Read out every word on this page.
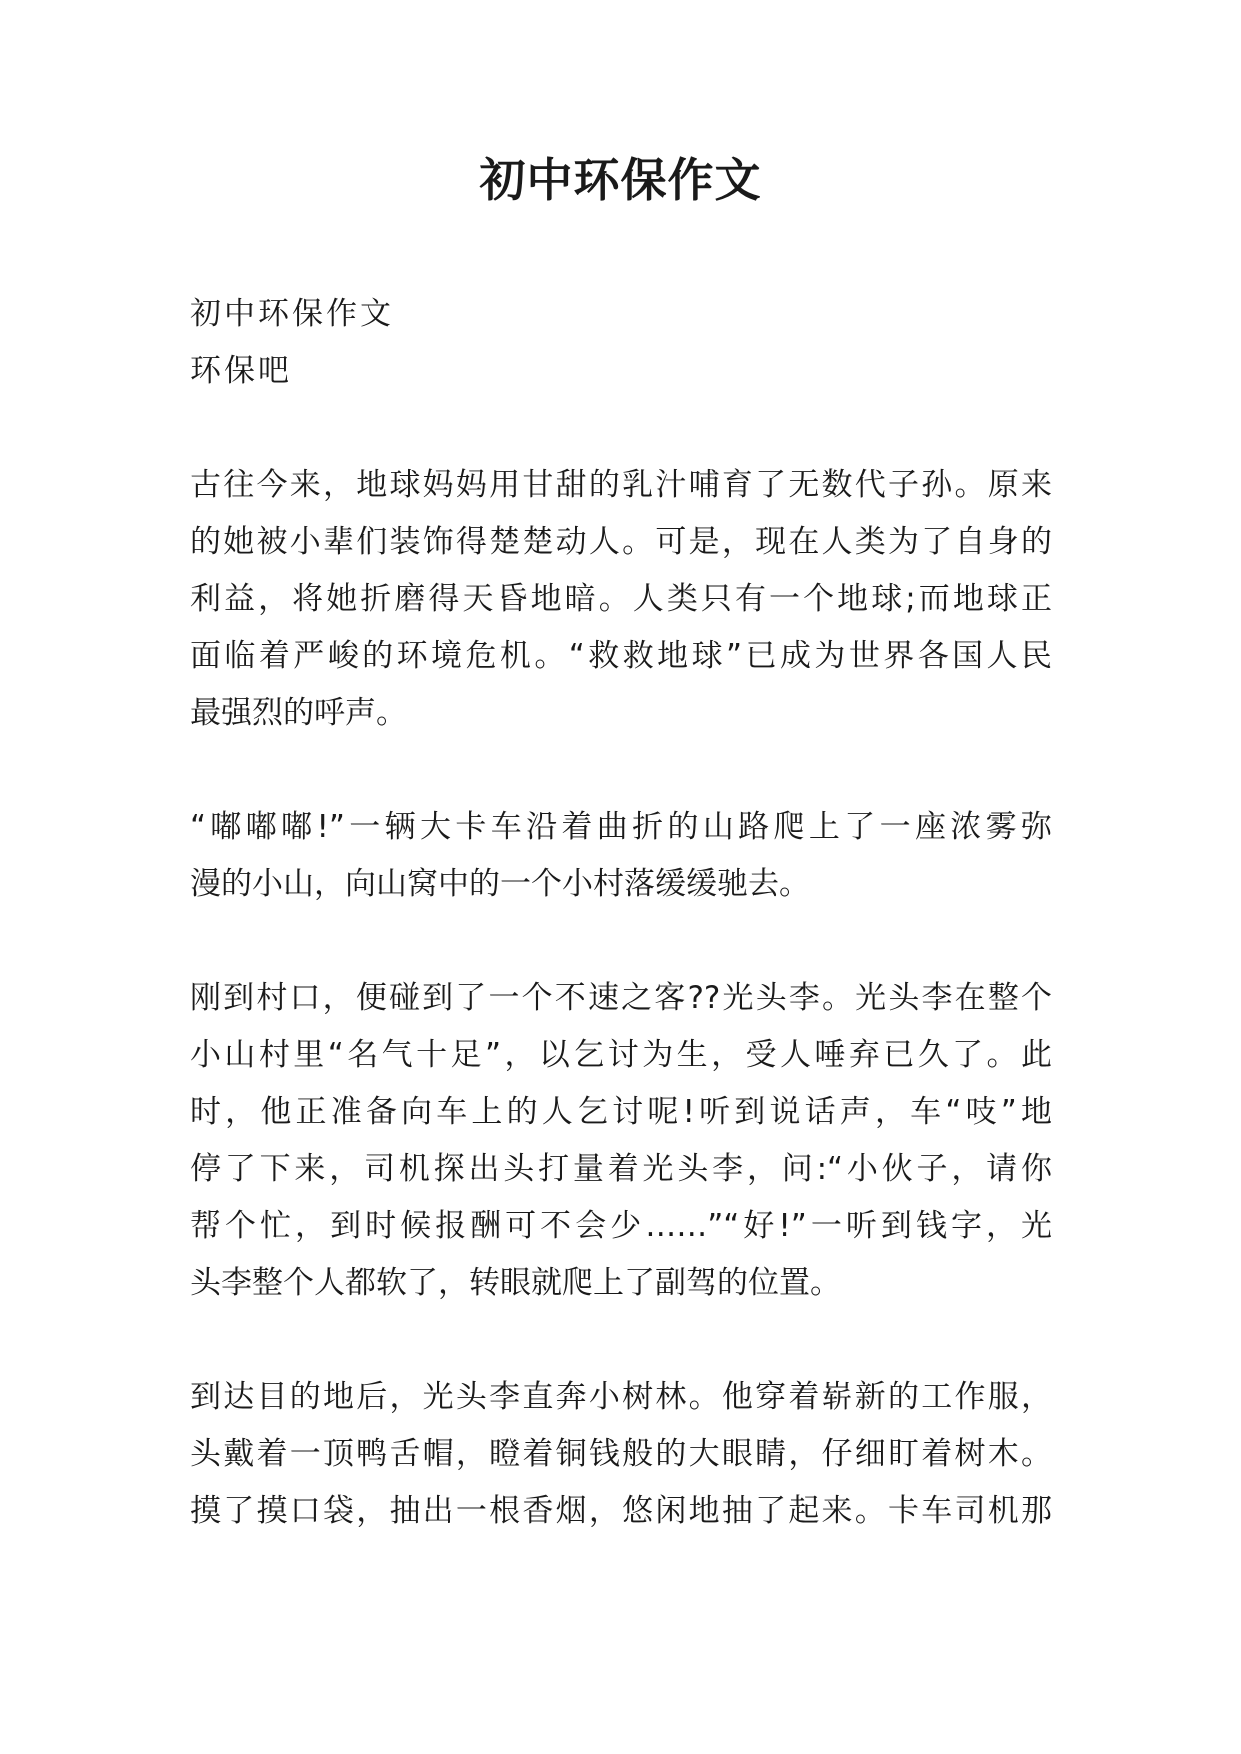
初中环保作文

初中环保作文

环保吧

古往今来，地球妈妈用甘甜的乳汁哺育了无数代子孙。原来
的她被小辈们装饰得楚楚动人。可是，现在人类为了自身的
利益，将她折磨得天昏地暗。人类只有一个地球;而地球正
面临着严峻的环境危机。“救救地球”已成为世界各国人民
最强烈的呼声。

“嘟嘟嘟!”一辆大卡车沿着曲折的山路爬上了一座浓雾弥
漫的小山，向山窝中的一个小村落缓缓驰去。

刚到村口，便碰到了一个不速之客??光头李。光头李在整个
小山村里“名气十足”，以乞讨为生，受人唾弃已久了。此
时，他正准备向车上的人乞讨呢!听到说话声，车“吱”地
停了下来，司机探出头打量着光头李，问:“小伙子，请你
帮个忙，到时候报酬可不会少……”“好!”一听到钱字，光
头李整个人都软了，转眼就爬上了副驾的位置。

到达目的地后，光头李直奔小树林。他穿着崭新的工作服，
头戴着一顶鸭舌帽，瞪着铜钱般的大眼睛，仔细盯着树木。
摸了摸口袋，抽出一根香烟，悠闲地抽了起来。卡车司机那
